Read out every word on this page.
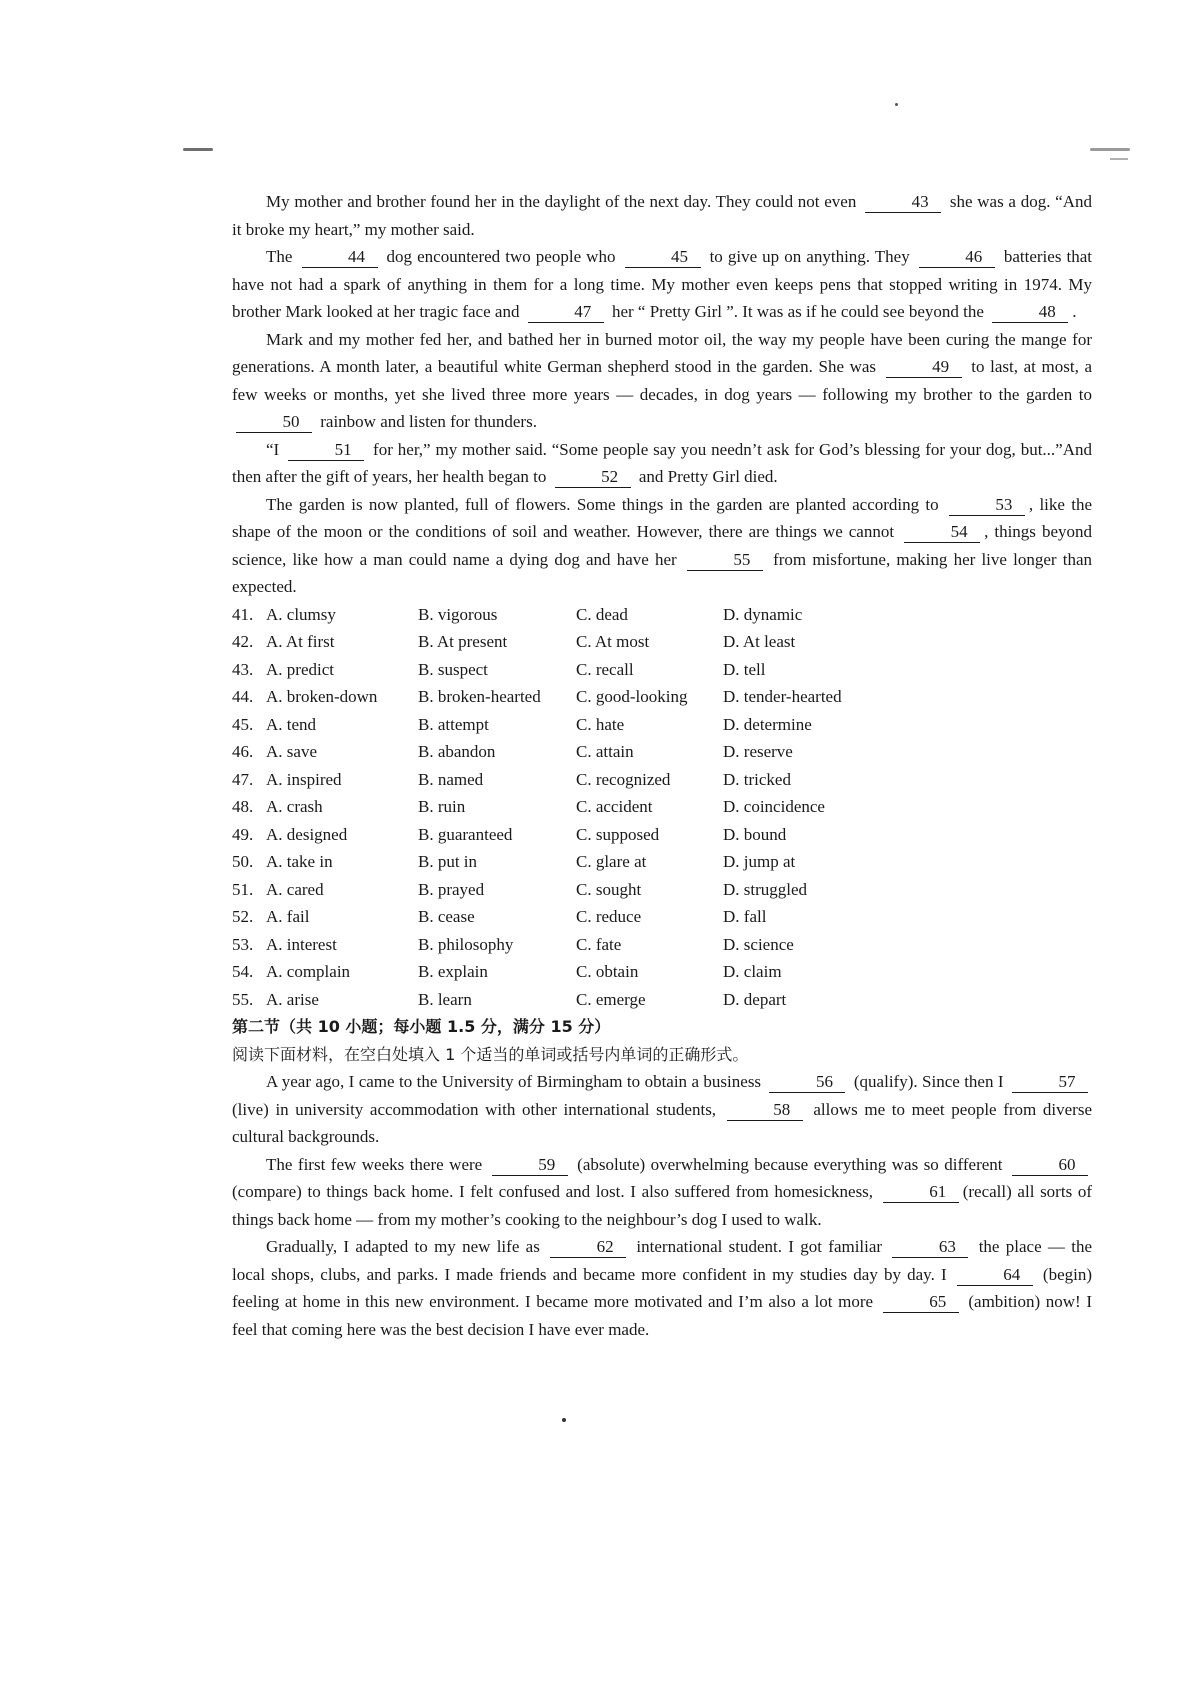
My mother and brother found her in the daylight of the next day. They could not even	43 she was a dog. “And it broke my heart,” my mother said.

The	44 dog encountered two people who	45 to give up on anything. They	46 batteries that have not had a spark of anything in them for a long time. My mother even keeps pens that stopped writing in 1974. My brother Mark looked at her tragic face and	47 her “ Pretty Girl ”. It was as if he could see beyond the	48 .

Mark and my mother fed her, and bathed her in burned motor oil, the way my people have been curing the mange for generations. A month later, a beautiful white German shepherd stood in the garden. She was	49 to last, at most, a few weeks or months, yet she lived three more years — decades, in dog years — following my brother to the garden to 50 rainbow and listen for thunders.

“I	51 for her,” my mother said. “Some people say you needn’t ask for God’s blessing for your dog, but...”And then after the gift of years, her health began to	52 and Pretty Girl died.

The garden is now planted, full of flowers. Some things in the garden are planted according to	53 , like the shape of the moon or the conditions of soil and weather. However, there are things we cannot	54 , things beyond science, like how a man could name a dying dog and have her	55 from misfortune, making her live longer than expected.

41. A. clumsy	B. vigorous	C. dead	D. dynamic
42. A. At first	B. At present	C. At most	D. At least
43. A. predict	B. suspect	C. recall	D. tell
44. A. broken-down	B. broken-hearted	C. good-looking	D. tender-hearted
45. A. tend	B. attempt	C. hate	D. determine
46. A. save	B. abandon	C. attain	D. reserve
47. A. inspired	B. named	C. recognized	D. tricked
48. A. crash	B. ruin	C. accident	D. coincidence
49. A. designed	B. guaranteed	C. supposed	D. bound
50. A. take in	B. put in	C. glare at	D. jump at
51. A. cared	B. prayed	C. sought	D. struggled
52. A. fail	B. cease	C. reduce	D. fall
53. A. interest	B. philosophy	C. fate	D. science
54. A. complain	B. explain	C. obtain	D. claim
55. A. arise	B. learn	C. emerge	D. depart

第二节（共 10 小题；每小题 1.5 分，满分 15 分）

阅读下面材料，在空白处填入 1 个适当的单词或括号内单词的正确形式。

A year ago, I came to the University of Birmingham to obtain a business	56 (qualify). Since then I	57 (live) in university accommodation with other international students,	58 allows me to meet people from diverse cultural backgrounds.

The first few weeks there were	59 (absolute) overwhelming because everything was so different	60 (compare) to things back home. I felt confused and lost. I also suffered from homesickness,	61 (recall) all sorts of things back home — from my mother’s cooking to the neighbour’s dog I used to walk.

Gradually, I adapted to my new life as	62 international student. I got familiar	63 the place — the local shops, clubs, and parks. I made friends and became more confident in my studies day by day. I	64 (begin) feeling at home in this new environment. I became more motivated and I’m also a lot more	65 (ambition) now! I feel that coming here was the best decision I have ever made.
